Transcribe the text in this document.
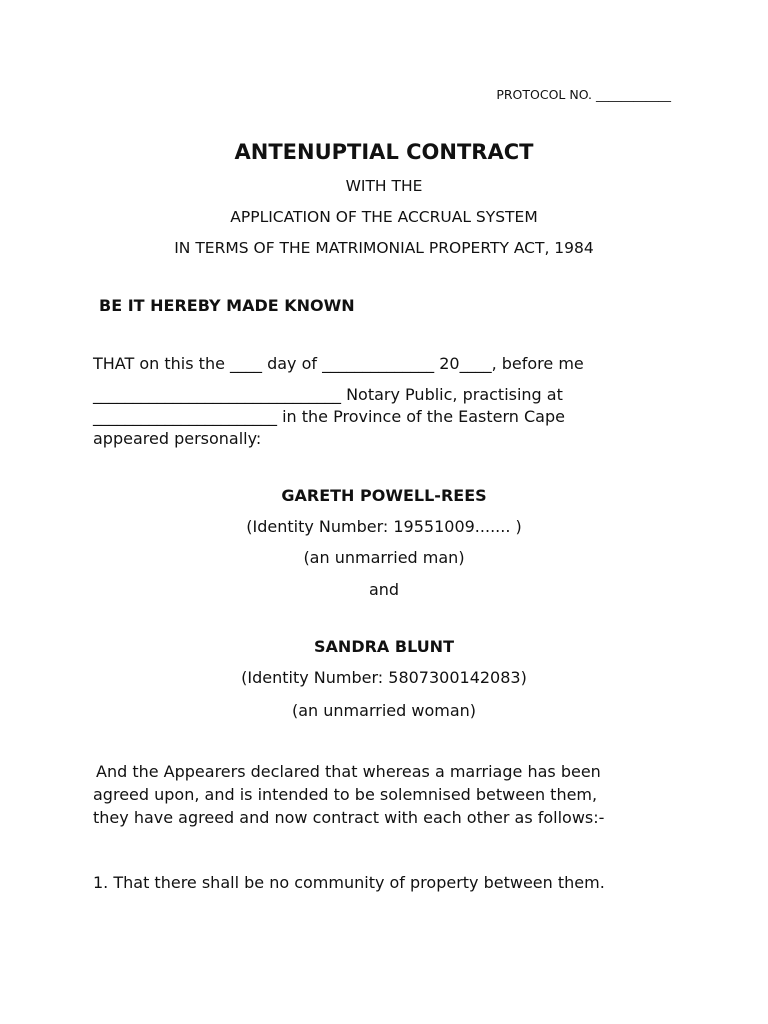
PROTOCOL NO. ____________
ANTENUPTIAL CONTRACT
WITH THE
APPLICATION OF THE ACCRUAL SYSTEM
IN TERMS OF THE MATRIMONIAL PROPERTY ACT, 1984
BE IT HEREBY MADE KNOWN
THAT on this the ____ day of ______________ 20____, before me
_______________________________ Notary Public, practising at
_______________________ in the Province of the Eastern Cape
appeared personally:
GARETH POWELL-REES
(Identity Number: 19551009....... )
(an unmarried man)
and
SANDRA BLUNT
(Identity Number: 5807300142083)
(an unmarried woman)
And the Appearers declared that whereas a marriage has been
agreed upon, and is intended to be solemnised between them,
they have agreed and now contract with each other as follows:-
1. That there shall be no community of property between them.
